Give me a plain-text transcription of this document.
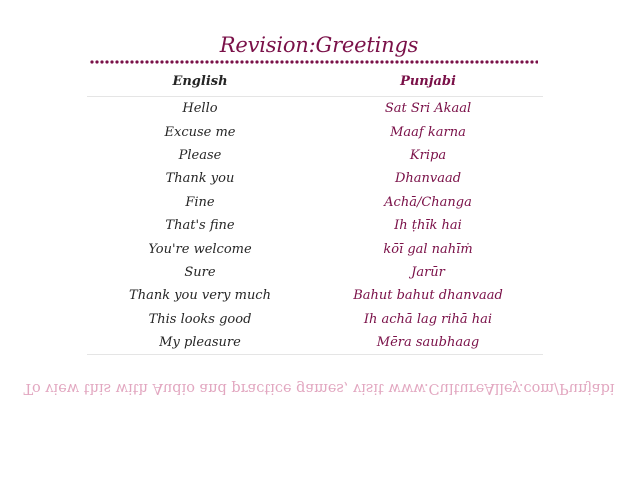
Revision:Greetings
English	Punjabi
Hello	Sat Sri Akaal
Excuse me	Maaf karna
Please	Kripa
Thank you	Dhanvaad
Fine	Achā/Changa
That's fine	Ih ṭhīk hai
You're welcome	kōī gal nahīṁ
Sure	Jarūr
Thank you very much	Bahut bahut dhanvaad
This looks good	Ih achā lag rihā hai
My pleasure	Mēra saubhaag
To view this with Audio and practice games, visit www.CultureAlley.com/Punjabi
